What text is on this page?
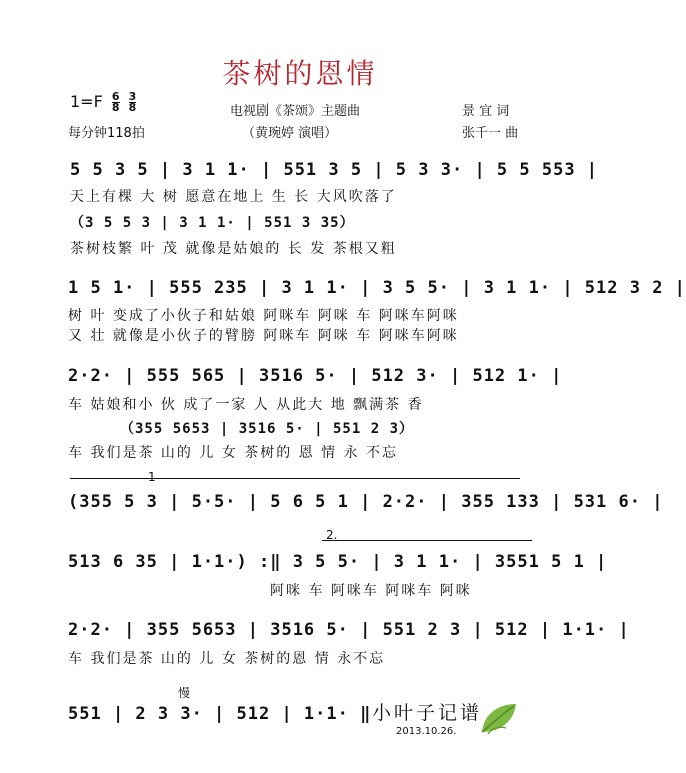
茶树的恩情
$1=F \frac{6}{8} \frac{3}{8}$
每分钟118拍
电视剧《茶颂》主题曲
（黄琬婷 演唱）
景 宜 词
张千一 曲
5 5 3 5 | 3 1 1· | 551 3 5 | 5 3 3· | 5 5 553 |
天上有棵 大 树 愿意在地上 生 长 大风吹落了
（3 5 5 3 | 3 1 1· | 551 3 35）
茶树枝繁 叶 茂 就像是姑娘的 长 发 茶根又粗
1 5 1· | 555 235 | 3 1 1· | 3 5 5· | 3 1 1· | 512 3 2 |
树 叶 变成了小伙子和姑娘 阿咪车 阿咪 车 阿咪车阿咪
又 壮 就像是小伙子的臂膀 阿咪车 阿咪 车 阿咪车阿咪
2·2· | 555 565 | 3516 5· | 512 3· | 512 1· |
车 姑娘和小 伙 成了一家 人 从此大 地 飘满茶 香
（355 5653 | 3516 5· | 551 2 3）
车 我们是茶 山的 儿 女 茶树的 恩 情 永 不忘
1
(355 5 3 | 5·5· | 5 6 5 1 | 2·2· | 355 133 | 531 6· |
2.
513 6 35 | 1·1·) :‖ 3 5 5· | 3 1 1· | 3551 5 1 |
阿咪 车 阿咪车 阿咪车 阿咪
2·2· | 355 5653 | 3516 5· | 551 2 3 | 512 | 1·1· |
车 我们是茶 山的 儿 女 茶树的恩 情 永不忘
慢
551 | 2 3 3· | 512 | 1·1· ‖ 小叶子记谱
2013.10.26.
